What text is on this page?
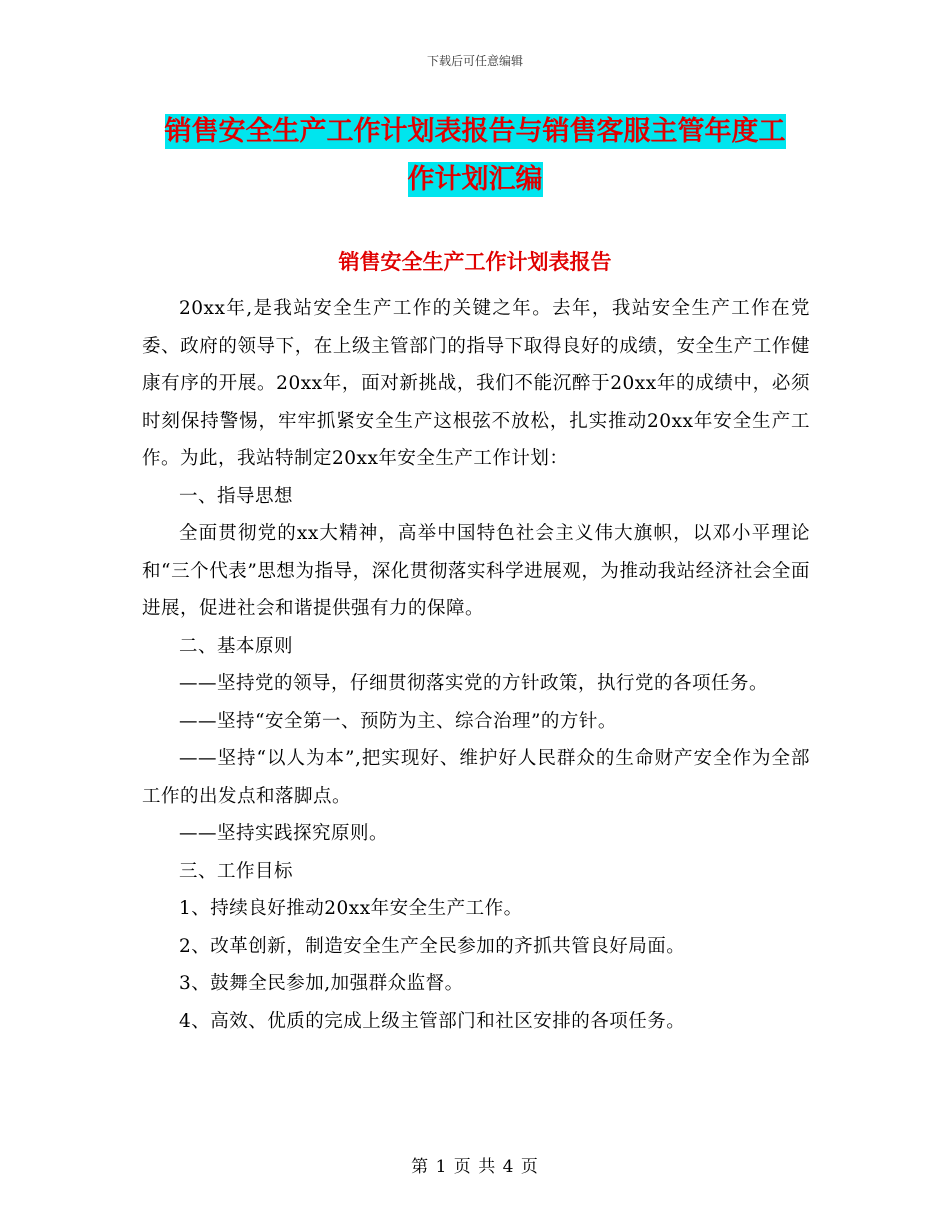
下载后可任意编辑
销售安全生产工作计划表报告与销售客服主管年度工
作计划汇编
销售安全生产工作计划表报告

20xx年,是我站安全生产工作的关键之年。去年，我站安全生产工作在党委、政府的领导下，在上级主管部门的指导下取得良好的成绩，安全生产工作健康有序的开展。20xx年，面对新挑战，我们不能沉醉于20xx年的成绩中，必须时刻保持警惕，牢牢抓紧安全生产这根弦不放松，扎实推动20xx年安全生产工作。为此，我站特制定20xx年安全生产工作计划：

一、指导思想

全面贯彻党的xx大精神，高举中国特色社会主义伟大旗帜，以邓小平理论和“三个代表”思想为指导，深化贯彻落实科学进展观，为推动我站经济社会全面进展，促进社会和谐提供强有力的保障。

二、基本原则

——坚持党的领导，仔细贯彻落实党的方针政策，执行党的各项任务。

——坚持“安全第一、预防为主、综合治理”的方针。

——坚持“以人为本”,把实现好、维护好人民群众的生命财产安全作为全部工作的出发点和落脚点。

——坚持实践探究原则。

三、工作目标

1、持续良好推动20xx年安全生产工作。

2、改革创新，制造安全生产全民参加的齐抓共管良好局面。

3、鼓舞全民参加,加强群众监督。

4、高效、优质的完成上级主管部门和社区安排的各项任务。

第 1 页 共 4 页
